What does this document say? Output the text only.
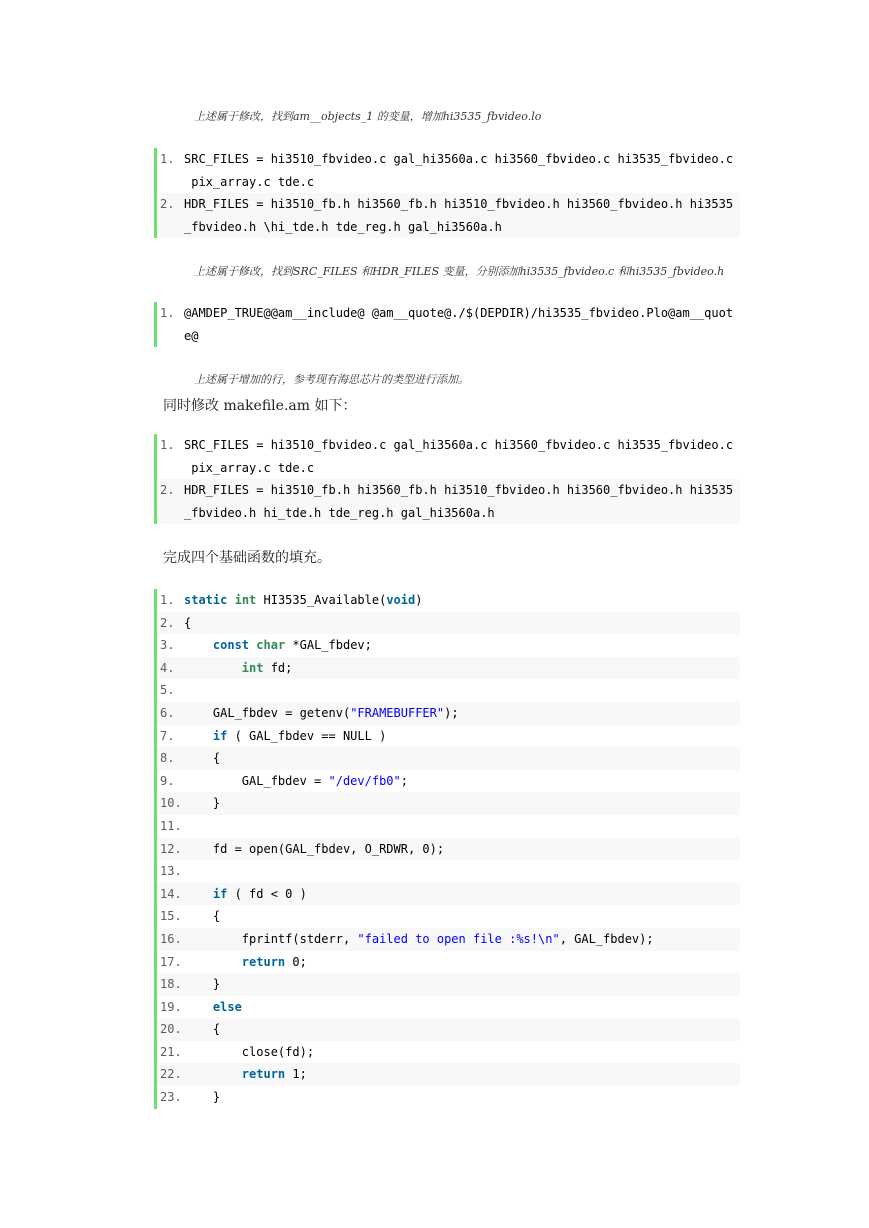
上述属于修改，找到am__objects_1 的变量，增加hi3535_fbvideo.lo
1. SRC_FILES = hi3510_fbvideo.c gal_hi3560a.c hi3560_fbvideo.c hi3535_fbvideo.c
pix_array.c tde.c
2. HDR_FILES = hi3510_fb.h hi3560_fb.h hi3510_fbvideo.h hi3560_fbvideo.h hi3535
_fbvideo.h \hi_tde.h tde_reg.h gal_hi3560a.h
上述属于修改，找到SRC_FILES 和HDR_FILES 变量，分别添加hi3535_fbvideo.c 和hi3535_fbvideo.h
1. @AMDEP_TRUE@@am__include@ @am__quote@./$(DEPDIR)/hi3535_fbvideo.Plo@am__quot
e@
上述属于增加的行，参考现有海思芯片的类型进行添加。
同时修改 makefile.am 如下：
1. SRC_FILES = hi3510_fbvideo.c gal_hi3560a.c hi3560_fbvideo.c hi3535_fbvideo.c
pix_array.c tde.c
2. HDR_FILES = hi3510_fb.h hi3560_fb.h hi3510_fbvideo.h hi3560_fbvideo.h hi3535
_fbvideo.h hi_tde.h tde_reg.h gal_hi3560a.h
完成四个基础函数的填充。
1. static int HI3535_Available(void)
2. {
3.	const char *GAL_fbdev;
4.	int fd;
5.
6. GAL_fbdev = getenv("FRAMEBUFFER");
7.	if ( GAL_fbdev == NULL )
8. {
9. GAL_fbdev = "/dev/fb0";
10. }
11.
12. fd = open(GAL_fbdev, O_RDWR, 0);
13.
14.	if ( fd < 0 )
15. {
16. fprintf(stderr, "failed to open file :%s!\n", GAL_fbdev);
17.	return 0;
18. }
19.	else
20. {
21. close(fd);
22.	return 1;
23. }
